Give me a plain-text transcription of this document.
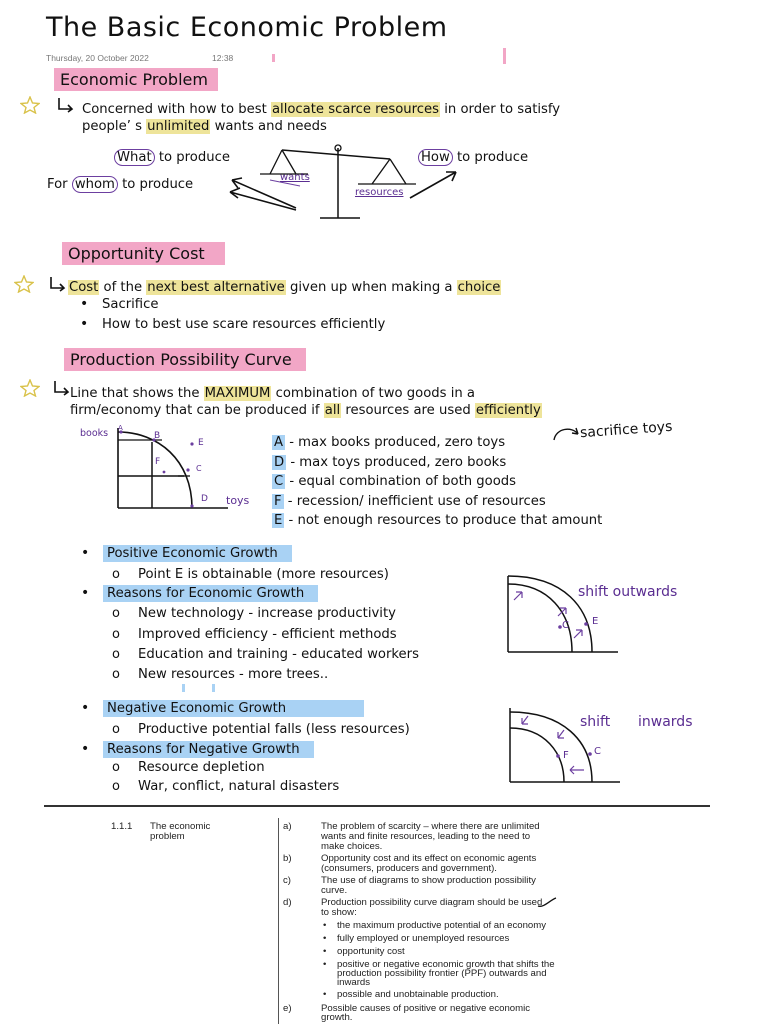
The Basic Economic Problem
Thursday, 20 October 2022	12:38
Economic Problem
Concerned with how to best allocate scarce resources in order to satisfy
people’ s unlimited wants and needs
What to produce	How to produce
For whom to produce	wants
resources
Opportunity Cost
Cost of the next best alternative given up when making a choice
• Sacrifice
• How to best use scare resources efficiently
Production Possibility Curve
Line that shows the MAXIMUM combination of two goods in a
firm/economy that can be produced if all resources are used efficiently
books
toys
A
B
C
D
E
F
A - max books produced, zero toys
D - max toys produced, zero books
C - equal combination of both goods
F - recession/ inefficient use of resources
E - not enough resources to produce that amount
sacrifice toys
• Positive Economic Growth
o Point E is obtainable (more resources)
• Reasons for Economic Growth
o New technology - increase productivity
o Improved efficiency - efficient methods
o Education and training - educated workers
o New resources - more trees..
shift outwards
C E
• Negative Economic Growth
o Productive potential falls (less resources)
• Reasons for Negative Growth
o Resource depletion
o War, conflict, natural disasters
shift inwards
F	C
1.1.1 The economic
problem
a)	The problem of scarcity – where there are unlimited
wants and finite resources, leading to the need to
make choices.
b)	Opportunity cost and its effect on economic agents
(consumers, producers and government).
c)	The use of diagrams to show production possibility
curve.
d)	Production possibility curve diagram should be used
to show:
• the maximum productive potential of an economy
• fully employed or unemployed resources
• opportunity cost
• positive or negative economic growth that shifts the
production possibility frontier (PPF) outwards and
inwards
• possible and unobtainable production.
e)	Possible causes of positive or negative economic
growth.
